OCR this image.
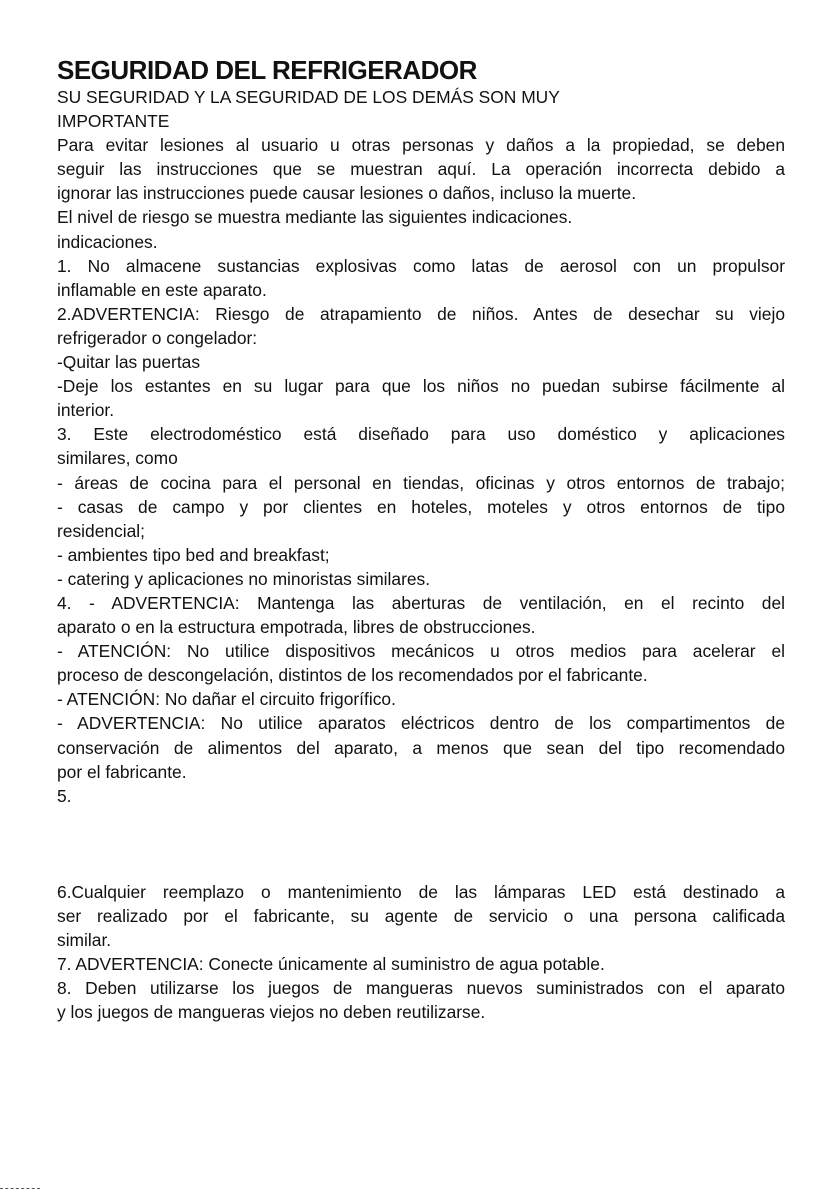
SEGURIDAD DEL REFRIGERADOR

SU SEGURIDAD Y LA SEGURIDAD DE LOS DEMÁS SON MUY

IMPORTANTE

Para evitar lesiones al usuario u otras personas y daños a la propiedad, se deben

seguir las instrucciones que se muestran aquí. La operación incorrecta debido a

ignorar las instrucciones puede causar lesiones o daños, incluso la muerte.

El nivel de riesgo se muestra mediante las siguientes indicaciones.

indicaciones.

1. No almacene sustancias explosivas como latas de aerosol con un propulsor

inflamable en este aparato.

2.ADVERTENCIA: Riesgo de atrapamiento de niños. Antes de desechar su viejo

refrigerador o congelador:

-Quitar las puertas

-Deje los estantes en su lugar para que los niños no puedan subirse fácilmente al

interior.

3. Este electrodoméstico está diseñado para uso doméstico y aplicaciones

similares, como

- áreas de cocina para el personal en tiendas, oficinas y otros entornos de trabajo;

- casas de campo y por clientes en hoteles, moteles y otros entornos de tipo

residencial;

- ambientes tipo bed and breakfast;

- catering y aplicaciones no minoristas similares.

4. - ADVERTENCIA: Mantenga las aberturas de ventilación, en el recinto del

aparato o en la estructura empotrada, libres de obstrucciones.

- ATENCIÓN: No utilice dispositivos mecánicos u otros medios para acelerar el

proceso de descongelación, distintos de los recomendados por el fabricante.

- ATENCIÓN: No dañar el circuito frigorífico.

- ADVERTENCIA: No utilice aparatos eléctricos dentro de los compartimentos de

conservación de alimentos del aparato, a menos que sean del tipo recomendado

por el fabricante.

5.

6.Cualquier reemplazo o mantenimiento de las lámparas LED está destinado a

ser realizado por el fabricante, su agente de servicio o una persona calificada

similar.

7. ADVERTENCIA: Conecte únicamente al suministro de agua potable.

8. Deben utilizarse los juegos de mangueras nuevos suministrados con el aparato

y los juegos de mangueras viejos no deben reutilizarse.
